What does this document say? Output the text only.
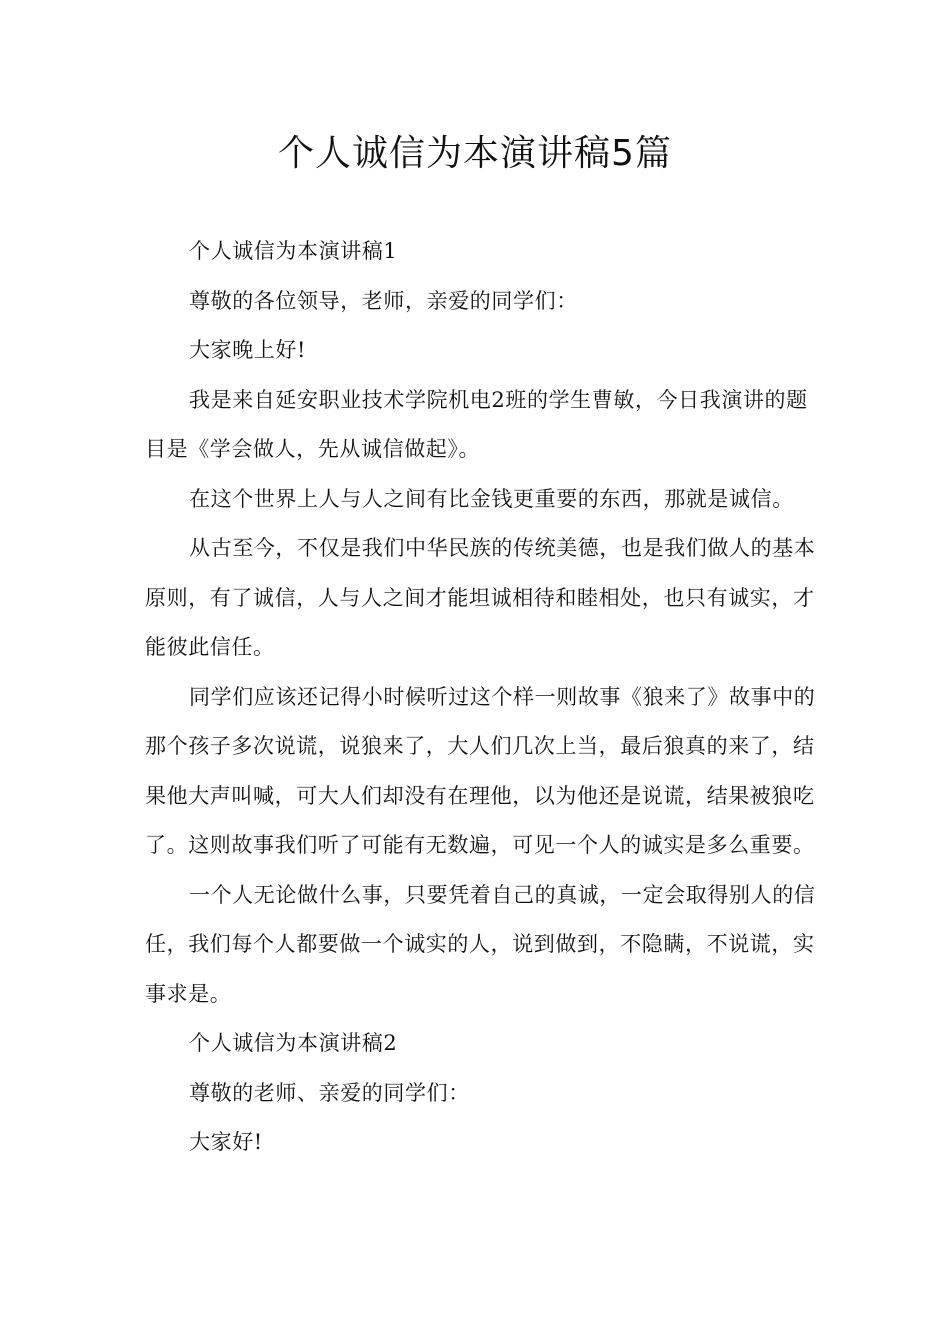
个人诚信为本演讲稿5篇

个人诚信为本演讲稿1

尊敬的各位领导，老师，亲爱的同学们：

大家晚上好!

我是来自延安职业技术学院机电2班的学生曹敏，今日我演讲的题目是《学会做人，先从诚信做起》。

在这个世界上人与人之间有比金钱更重要的东西，那就是诚信。

从古至今，不仅是我们中华民族的传统美德，也是我们做人的基本原则，有了诚信，人与人之间才能坦诚相待和睦相处，也只有诚实，才能彼此信任。

同学们应该还记得小时候听过这个样一则故事《狼来了》故事中的那个孩子多次说谎，说狼来了，大人们几次上当，最后狼真的来了，结果他大声叫喊，可大人们却没有在理他，以为他还是说谎，结果被狼吃了。这则故事我们听了可能有无数遍，可见一个人的诚实是多么重要。

一个人无论做什么事，只要凭着自己的真诚，一定会取得别人的信任，我们每个人都要做一个诚实的人，说到做到，不隐瞒，不说谎，实事求是。

个人诚信为本演讲稿2

尊敬的老师、亲爱的同学们：

大家好!
